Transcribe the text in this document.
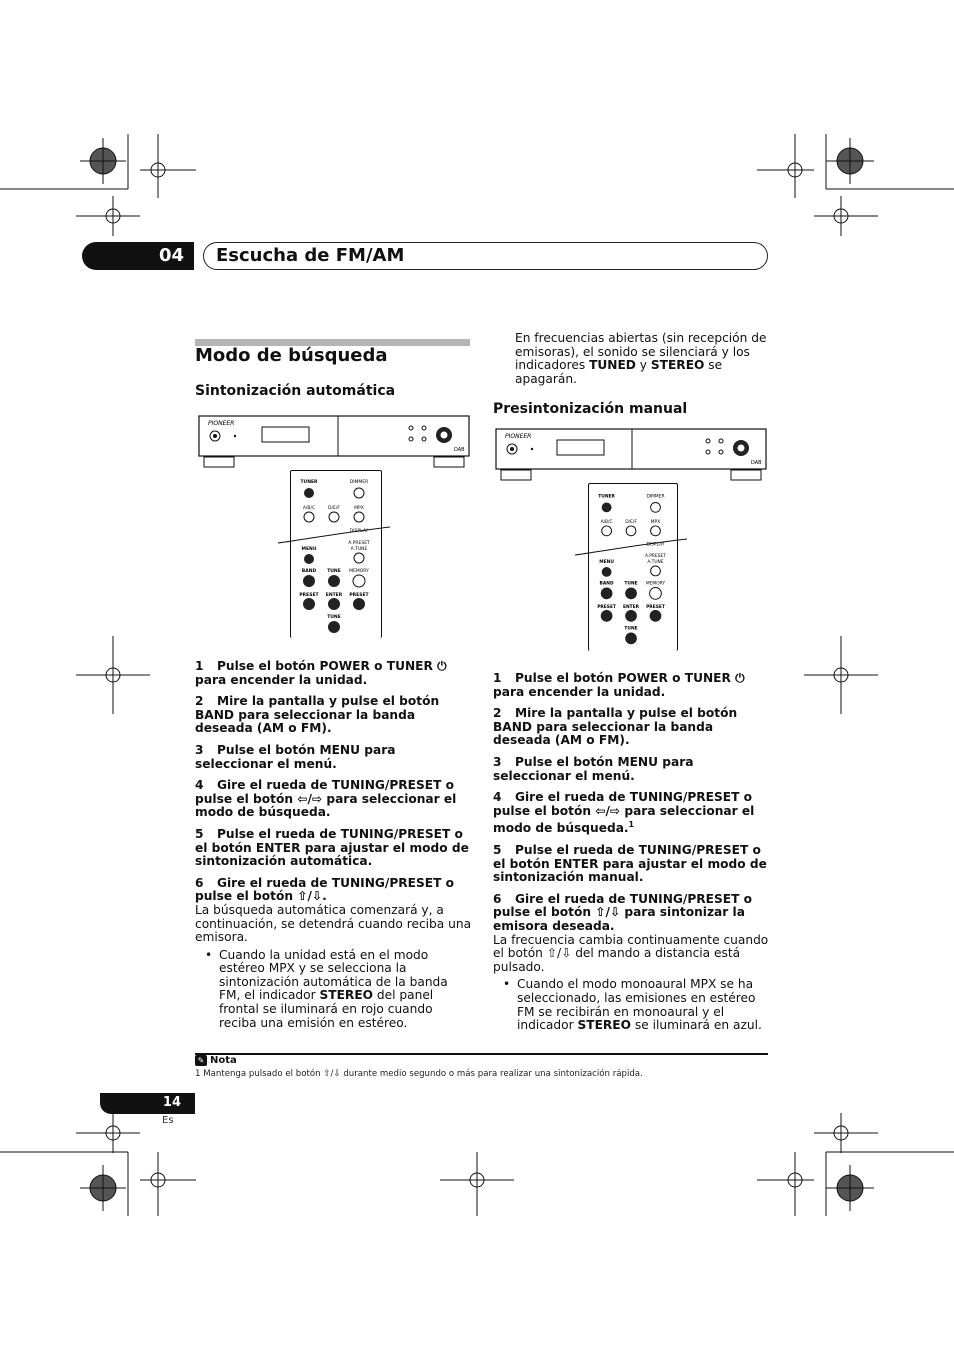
04 Escucha de FM/AM
Modo de búsqueda
Sintonización automática
PIONEER
DAB
TUNER	DIMMER
A/B/C	D/E/F	MPX
DISPLAY
A.PRESET
A.TUNE
MENU
BAND TUNE MEMORY
PRESET ENTER PRESET
TUNE

1 Pulse el botón POWER o TUNER ⏻ para encender la unidad.

2 Mire la pantalla y pulse el botón BAND para seleccionar la banda deseada (AM o FM).

3 Pulse el botón MENU para seleccionar el menú.

4 Gire el rueda de TUNING/PRESET o pulse el botón ⇦/⇨ para seleccionar el modo de búsqueda.

5 Pulse el rueda de TUNING/PRESET o el botón ENTER para ajustar el modo de sintonización automática.

6 Gire el rueda de TUNING/PRESET o pulse el botón ⇧/⇩.

La búsqueda automática comenzará y, a continuación, se detendrá cuando reciba una emisora.

• Cuando la unidad está en el modo estéreo MPX y se selecciona la sintonización automática de la banda FM, el indicador STEREO del panel frontal se iluminará en rojo cuando reciba una emisión en estéreo.

En frecuencias abiertas (sin recepción de emisoras), el sonido se silenciará y los indicadores TUNED y STEREO se apagarán.

Presintonización manual
PIONEER
DAB
TUNER	DIMMER
A/B/C	D/E/F	MPX
DISPLAY
A.PRESET
A.TUNE
MENU
BAND TUNE MEMORY
PRESET ENTER PRESET
TUNE

1 Pulse el botón POWER o TUNER ⏻ para encender la unidad.

2 Mire la pantalla y pulse el botón BAND para seleccionar la banda deseada (AM o FM).

3 Pulse el botón MENU para seleccionar el menú.

4 Gire el rueda de TUNING/PRESET o pulse el botón ⇦/⇨ para seleccionar el modo de búsqueda.$^1$

5 Pulse el rueda de TUNING/PRESET o el botón ENTER para ajustar el modo de sintonización manual.

6 Gire el rueda de TUNING/PRESET o pulse el botón ⇧/⇩ para sintonizar la emisora deseada.

La frecuencia cambia continuamente cuando el botón ⇧/⇩ del mando a distancia está pulsado.

• Cuando el modo monoaural MPX se ha seleccionado, las emisiones en estéreo FM se recibirán en monoaural y el indicador STEREO se iluminará en azul.

✎ Nota
1 Mantenga pulsado el botón ⇧/⇩ durante medio segundo o más para realizar una sintonización rápida.
14
Es
